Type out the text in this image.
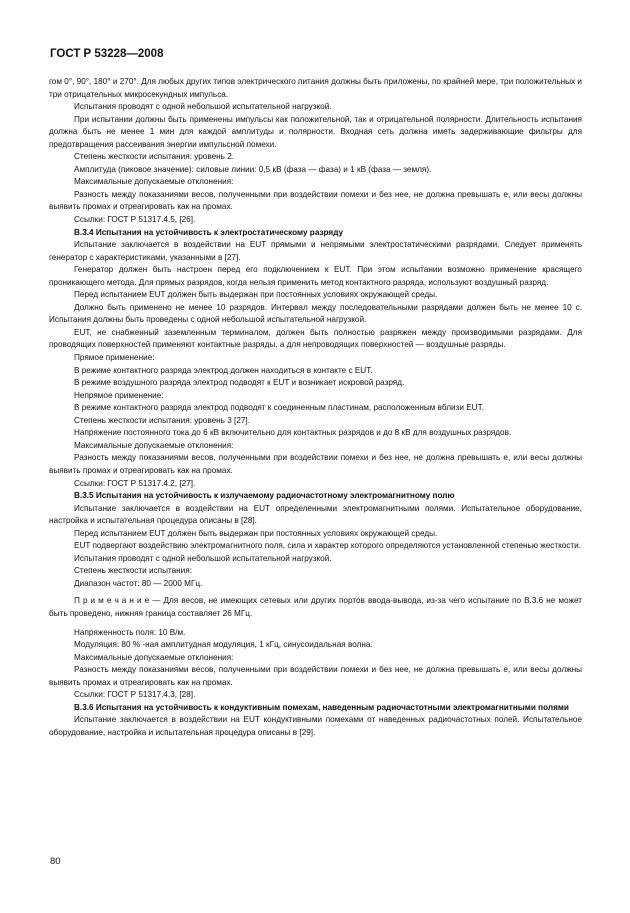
ГОСТ Р 53228—2008

гом 0°, 90°, 180° и 270°. Для любых других типов электрического питания должны быть приложены, по крайней мере, три положительных и три отрицательных микросекундных импульса.

Испытания проводят с одной небольшой испытательной нагрузкой.

При испытании должны быть применены импульсы как положительной, так и отрицательной полярности. Длительность испытания должна быть не менее 1 мин для каждой амплитуды и полярности. Входная сеть должна иметь задерживающие фильтры для предотвращения рассеивания энергии импульсной помехи.

Степень жесткости испытания: уровень 2.

Амплитуда (пиковое значение): силовые линии: 0,5 кВ (фаза — фаза) и 1 кВ (фаза — земля).

Максимальные допускаемые отклонения:

Разность между показаниями весов, полученными при воздействии помехи и без нее, не должна превышать е, или весы должны выявить промах и отреагировать как на промах.

Ссылки: ГОСТ Р 51317.4.5, [26].

В.3.4 Испытания на устойчивость к электростатическому разряду

Испытание заключается в воздействии на EUT прямыми и непрямыми электростатическими разрядами. Следует применять генератор с характеристиками, указанными в [27].

Генератор должен быть настроен перед его подключением к EUT. При этом испытании возможно применение красящего проникающего метода. Для прямых разрядов, когда нельзя применить метод контактного разряда, используют воздушный разряд.

Перед испытанием EUT должен быть выдержан при постоянных условиях окружающей среды.

Должно быть применено не менее 10 разрядов. Интервал между последовательными разрядами должен быть не менее 10 с. Испытания должны быть проведены с одной небольшой испытательной нагрузкой.

EUT, не снабженный заземленным терминалом, должен быть полностью разряжен между производимыми разрядами. Для проводящих поверхностей применяют контактные разряды, а для непроводящих поверхностей — воздушные разряды.

Прямое применение:

В режиме контактного разряда электрод должен находиться в контакте с EUT.

В режиме воздушного разряда электрод подводят к EUT и возникает искровой разряд.

Непрямое применение:

В режиме контактного разряда электрод подводят к соединенным пластинам, расположенным вблизи EUT.

Степень жесткости испытания: уровень 3 [27].

Напряжение постоянного тока до 6 кВ включительно для контактных разрядов и до 8 кВ для воздушных разрядов.

Максимальные допускаемые отклонения:

Разность между показаниями весов, полученными при воздействии помехи и без нее, не должна превышать е, или весы должны выявить промах и отреагировать как на промах.

Ссылки: ГОСТ Р 51317.4.2, [27].

В.3.5 Испытания на устойчивость к излучаемому радиочастотному электромагнитному полю

Испытание заключается в воздействии на EUT определенными электромагнитными полями. Испытательное оборудование, настройка и испытательная процедура описаны в [28].

Перед испытанием EUT должен быть выдержан при постоянных условиях окружающей среды.

EUT подвергают воздействию электромагнитного поля, сила и характер которого определяются установленной степенью жесткости.

Испытания проводят с одной небольшой испытательной нагрузкой.

Степень жесткости испытания:

Диапазон частот: 80 — 2000 МГц.

П р и м е ч а н и е — Для весов, не имеющих сетевых или других портов ввода-вывода, из-за чего испытание по В.3.6 не может быть проведено, нижняя граница составляет 26 МГц.

Напряженность поля: 10 В/м.

Модуляция: 80 % -ная амплитудная модуляция, 1 кГц, синусоидальная волна.

Максимальные допускаемые отклонения:

Разность между показаниями весов, полученными при воздействии помехи и без нее, не должна превышать е, или весы должны выявить промах и отреагировать как на промах.

Ссылки: ГОСТ Р 51317.4.3, [28].

В.3.6 Испытания на устойчивость к кондуктивным помехам, наведенным радиочастотными электромагнитными полями

Испытание заключается в воздействии на EUT кондуктивными помехами от наведенных радиочастотных полей. Испытательное оборудование, настройка и испытательная процедура описаны в [29].

80
